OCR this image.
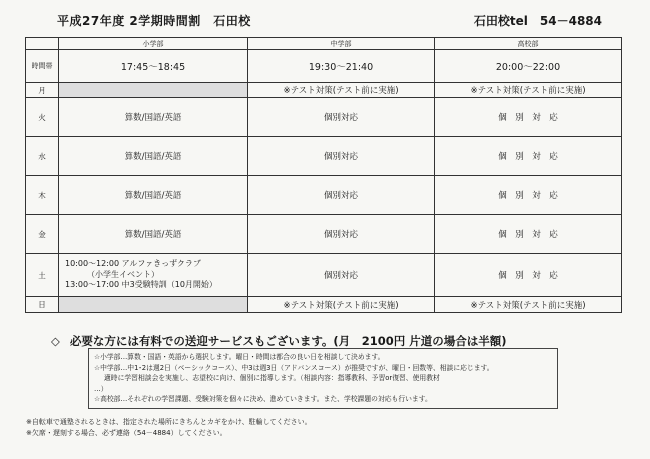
平成27年度 2学期時間割　石田校	石田校tel　54－4884
	小学部	中学部	高校部
時間帯	17:45～18:45	19:30～21:40	20:00～22:00
月		※テスト対策(テスト前に実施)	※テスト対策(テスト前に実施)
火	算数/国語/英語	個別対応	個　別　対　応
水	算数/国語/英語	個別対応	個　別　対　応
木	算数/国語/英語	個別対応	個　別　対　応
金	算数/国語/英語	個別対応	個　別　対　応
土	10:00～12:00 アルファきっずクラブ
（小学生イベント）
13:00～17:00 中3受験特訓（10月開始）	個別対応	個　別　対　応
日		※テスト対策(テスト前に実施)	※テスト対策(テスト前に実施)
◇ 必要な方には有料での送迎サービスもございます。(月　2100円 片道の場合は半額)
☆小学部…算数・国語・英語から選択します。曜日・時間は都合の良い日を相談して決めます。
☆中学部…中1･2は週2日（ベーシックコース）、中3は週3日（アドバンスコース）が推奨ですが、曜日・回数等、相談に応じます。
適時に学習相談会を実施し、志望校に向け、個別に指導します。（相談内容：指導教科、予習or復習、使用教材
…）
☆高校部…それぞれの学習課題、受験対策を個々に決め、進めていきます。また、学校課題の対応も行います。
※自転車で通塾されるときは、指定された場所にきちんとカギをかけ、駐輪してください。
※欠席・遅刻する場合、必ず連絡（54－4884）してください。
